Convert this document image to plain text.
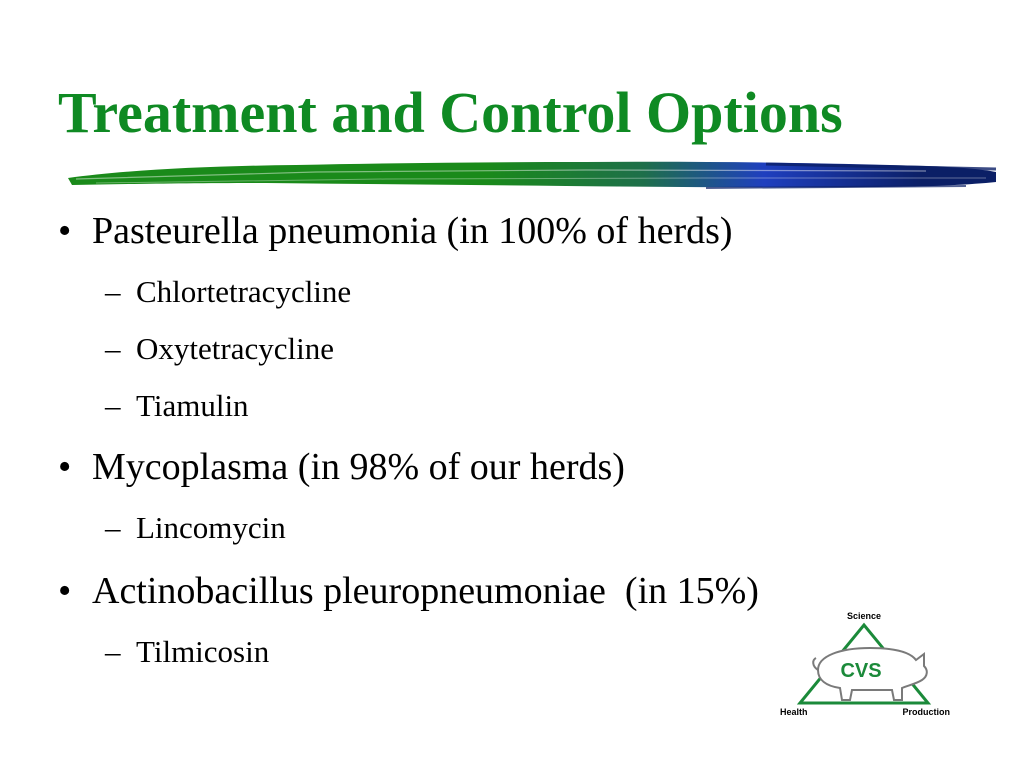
Treatment and Control Options
• Pasteurella pneumonia (in 100% of herds)
– Chlortetracycline
– Oxytetracycline
– Tiamulin
• Mycoplasma (in 98% of our herds)
– Lincomycin
• Actinobacillus pleuropneumoniae  (in 15%)
– Tilmicosin
Science
CVS
Health	Production
